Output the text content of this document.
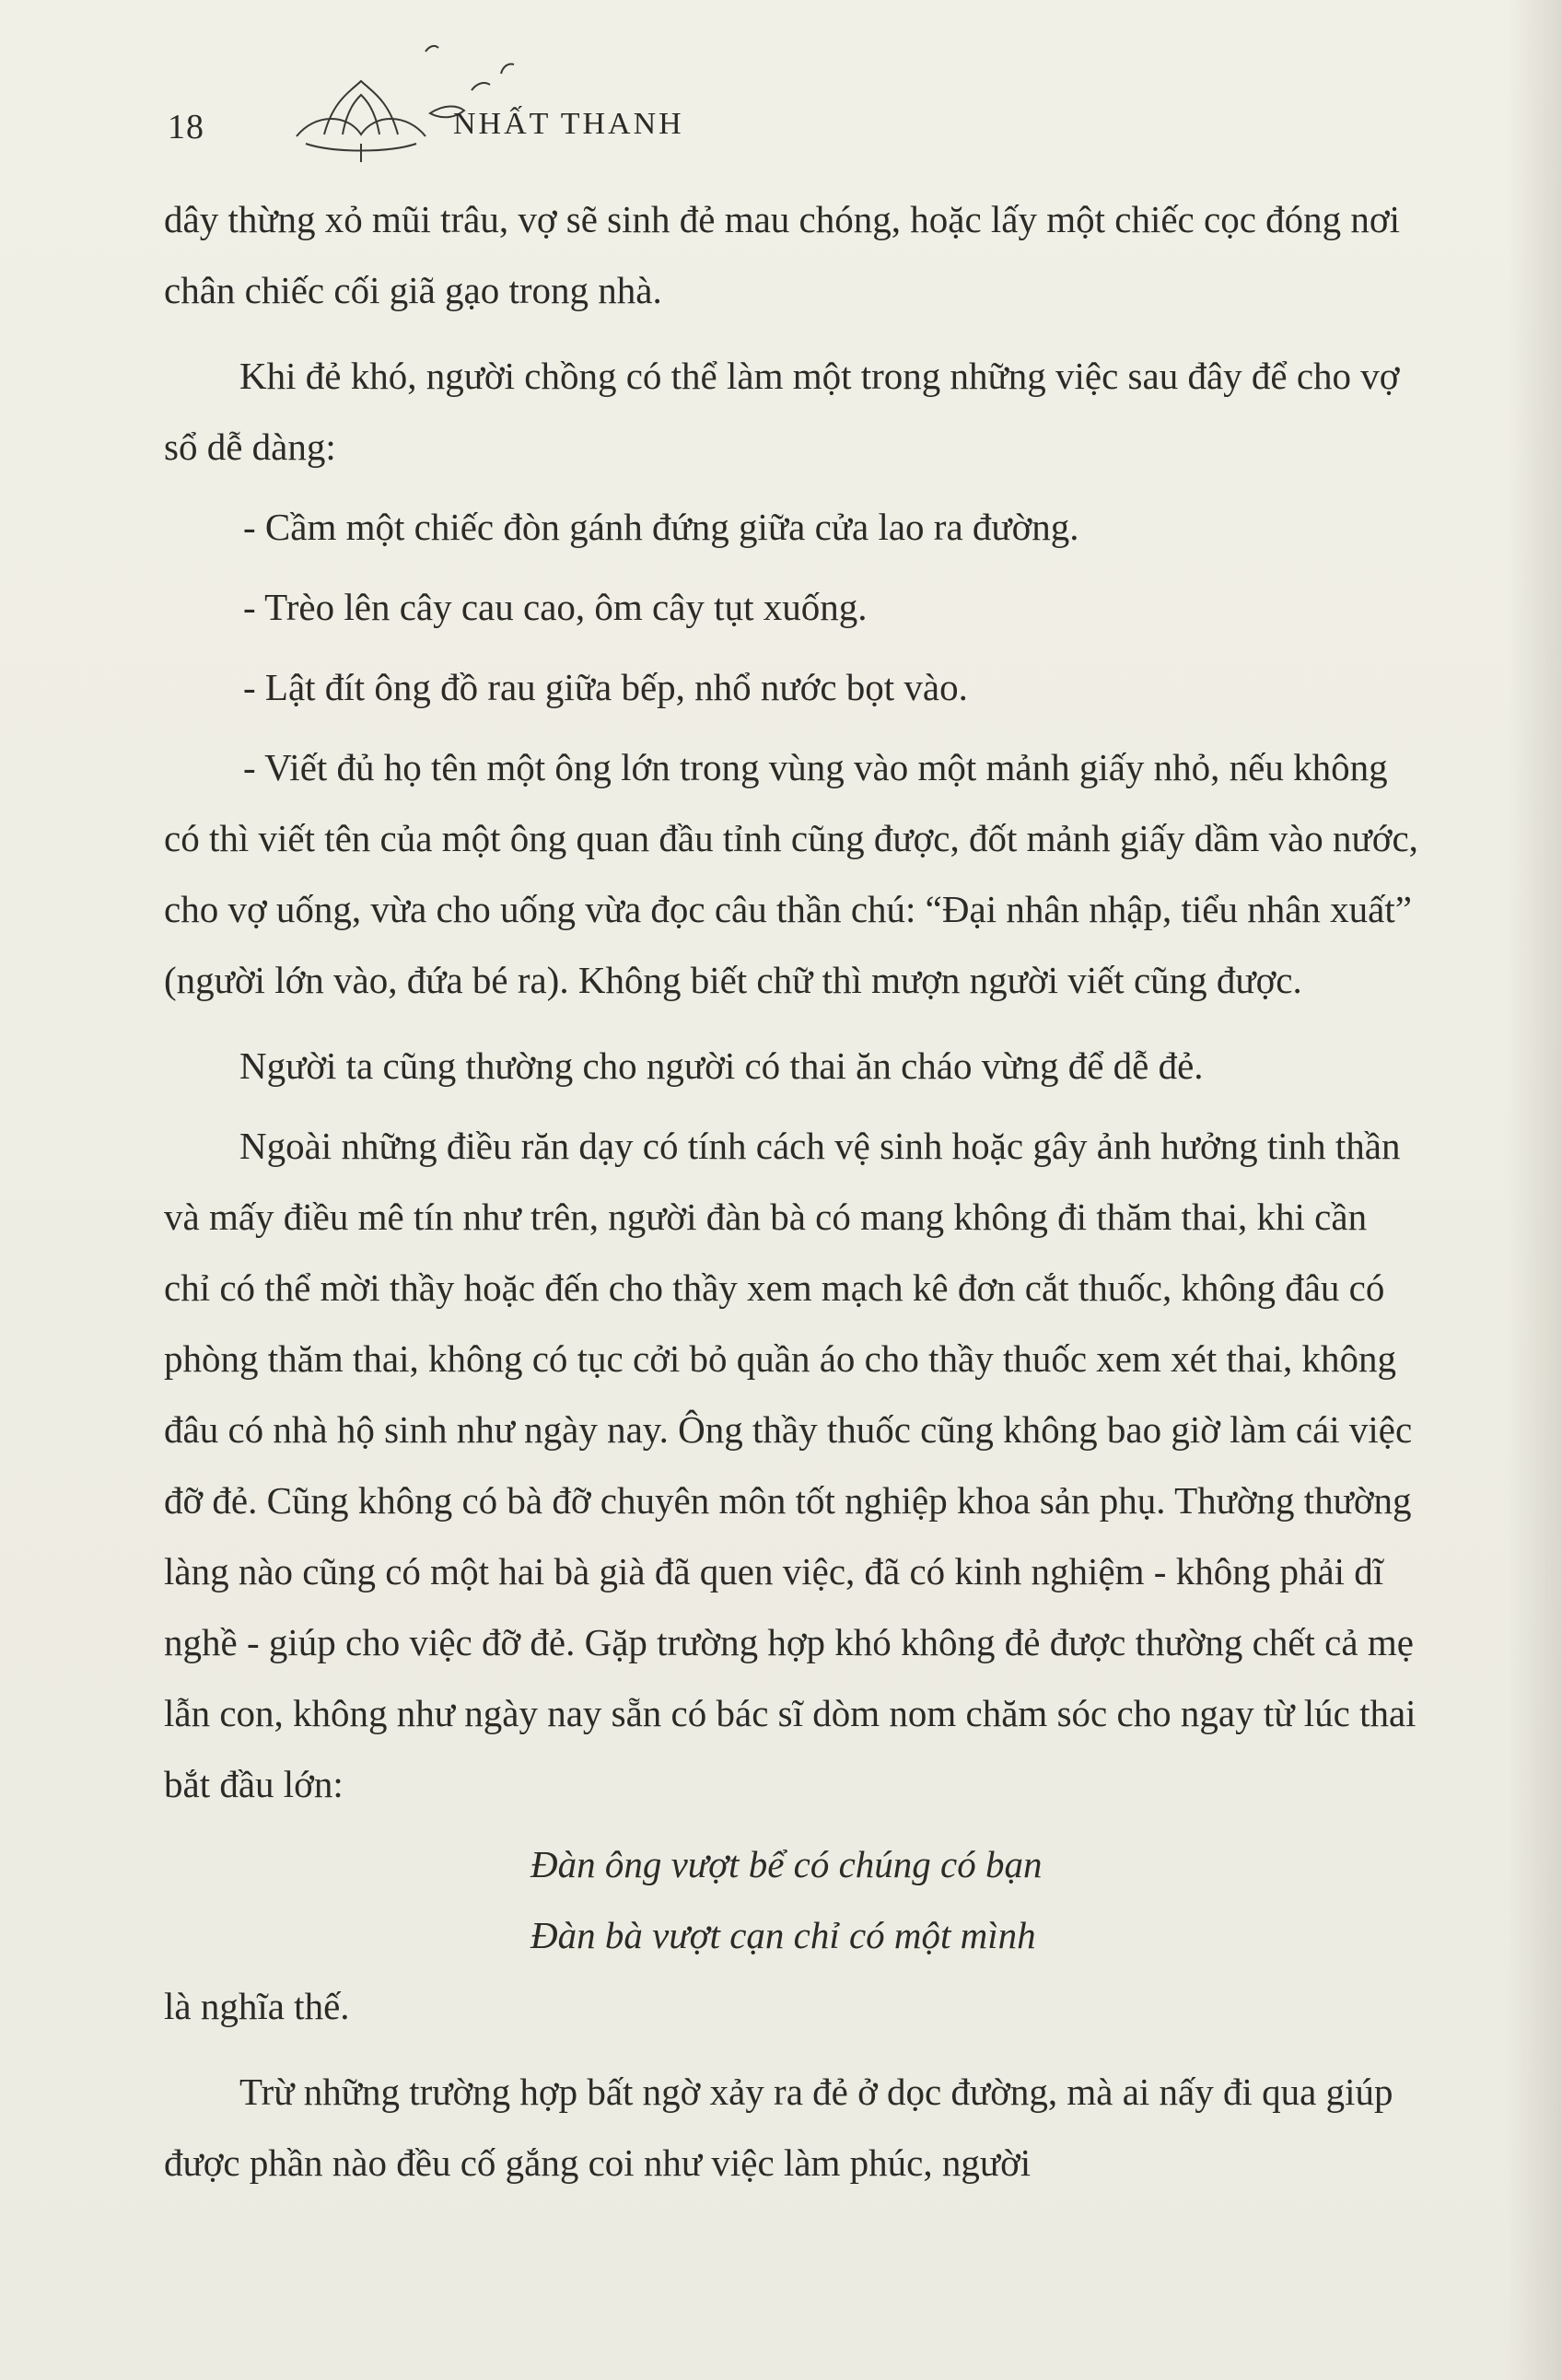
18	NHẤT THANH

dây thừng xỏ mũi trâu, vợ sẽ sinh đẻ mau chóng, hoặc lấy một chiếc cọc đóng nơi chân chiếc cối giã gạo trong nhà.

Khi đẻ khó, người chồng có thể làm một trong những việc sau đây để cho vợ sổ dễ dàng:

- Cầm một chiếc đòn gánh đứng giữa cửa lao ra đường.

- Trèo lên cây cau cao, ôm cây tụt xuống.

- Lật đít ông đồ rau giữa bếp, nhổ nước bọt vào.

- Viết đủ họ tên một ông lớn trong vùng vào một mảnh giấy nhỏ, nếu không có thì viết tên của một ông quan đầu tỉnh cũng được, đốt mảnh giấy dầm vào nước, cho vợ uống, vừa cho uống vừa đọc câu thần chú: “Đại nhân nhập, tiểu nhân xuất” (người lớn vào, đứa bé ra). Không biết chữ thì mượn người viết cũng được.

Người ta cũng thường cho người có thai ăn cháo vừng để dễ đẻ.

Ngoài những điều răn dạy có tính cách vệ sinh hoặc gây ảnh hưởng tinh thần và mấy điều mê tín như trên, người đàn bà có mang không đi thăm thai, khi cần chỉ có thể mời thầy hoặc đến cho thầy xem mạch kê đơn cắt thuốc, không đâu có phòng thăm thai, không có tục cởi bỏ quần áo cho thầy thuốc xem xét thai, không đâu có nhà hộ sinh như ngày nay. Ông thầy thuốc cũng không bao giờ làm cái việc đỡ đẻ. Cũng không có bà đỡ chuyên môn tốt nghiệp khoa sản phụ. Thường thường làng nào cũng có một hai bà già đã quen việc, đã có kinh nghiệm - không phải dĩ nghề - giúp cho việc đỡ đẻ. Gặp trường hợp khó không đẻ được thường chết cả mẹ lẫn con, không như ngày nay sẵn có bác sĩ dòm nom chăm sóc cho ngay từ lúc thai bắt đầu lớn:

Đàn ông vượt bể có chúng có bạn

Đàn bà vượt cạn chỉ có một mình

là nghĩa thế.

Trừ những trường hợp bất ngờ xảy ra đẻ ở dọc đường, mà ai nấy đi qua giúp được phần nào đều cố gắng coi như việc làm phúc, người
